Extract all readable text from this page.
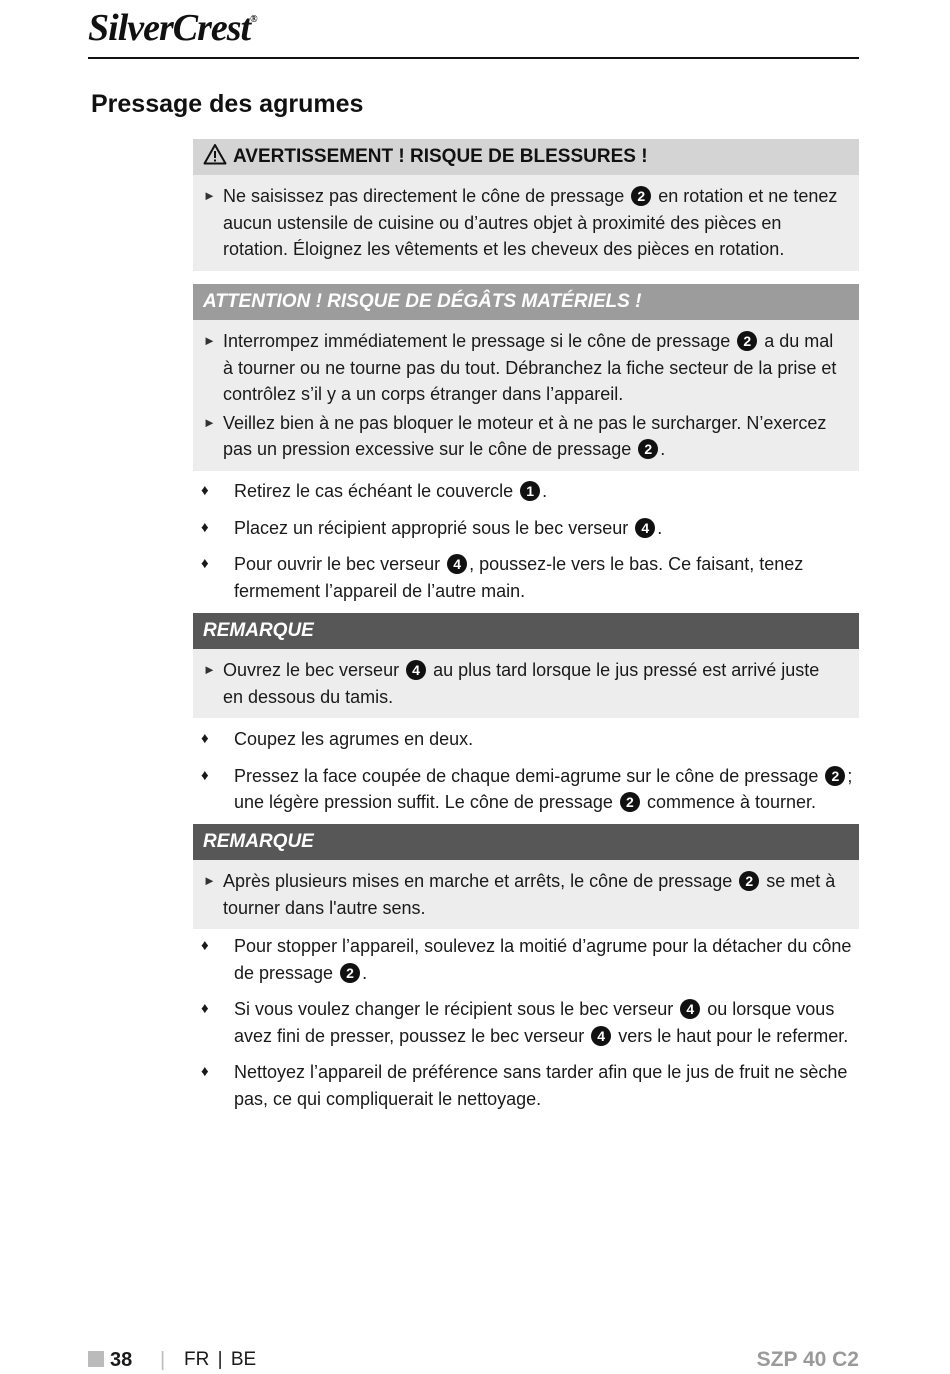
SilverCrest®
Pressage des agrumes
AVERTISSEMENT ! RISQUE DE BLESSURES !
► Ne saisissez pas directement le cône de pressage 2 en rotation et ne tenez aucun ustensile de cuisine ou d’autres objet à proximité des pièces en rotation. Éloignez les vêtements et les cheveux des pièces en rotation.
ATTENTION ! RISQUE DE DÉGÂTS MATÉRIELS !
► Interrompez immédiatement le pressage si le cône de pressage 2 a du mal à tourner ou ne tourne pas du tout. Débranchez la fiche secteur de la prise et contrôlez s’il y a un corps étranger dans l’appareil.
► Veillez bien à ne pas bloquer le moteur et à ne pas le surcharger. N’exercez pas un pression excessive sur le cône de pressage 2 .
♦ Retirez le cas échéant le couvercle 1 .
♦ Placez un récipient approprié sous le bec verseur 4 .
♦ Pour ouvrir le bec verseur 4 , poussez-le vers le bas. Ce faisant, tenez fermement l’appareil de l’autre main.
REMARQUE
► Ouvrez le bec verseur 4 au plus tard lorsque le jus pressé est arrivé juste en dessous du tamis.
♦ Coupez les agrumes en deux.
♦ Pressez la face coupée de chaque demi-agrume sur le cône de pressage 2 ; une légère pression suffit. Le cône de pressage 2 commence à tourner.
REMARQUE
► Après plusieurs mises en marche et arrêts, le cône de pressage 2 se met à tourner dans l'autre sens.
♦ Pour stopper l’appareil, soulevez la moitié d’agrume pour la détacher du cône de pressage 2 .
♦ Si vous voulez changer le récipient sous le bec verseur 4 ou lorsque vous avez fini de presser, poussez le bec verseur 4 vers le haut pour le refermer.
♦ Nettoyez l’appareil de préférence sans tarder afin que le jus de fruit ne sèche pas, ce qui compliquerait le nettoyage.
38 | FR | BE	SZP 40 C2
